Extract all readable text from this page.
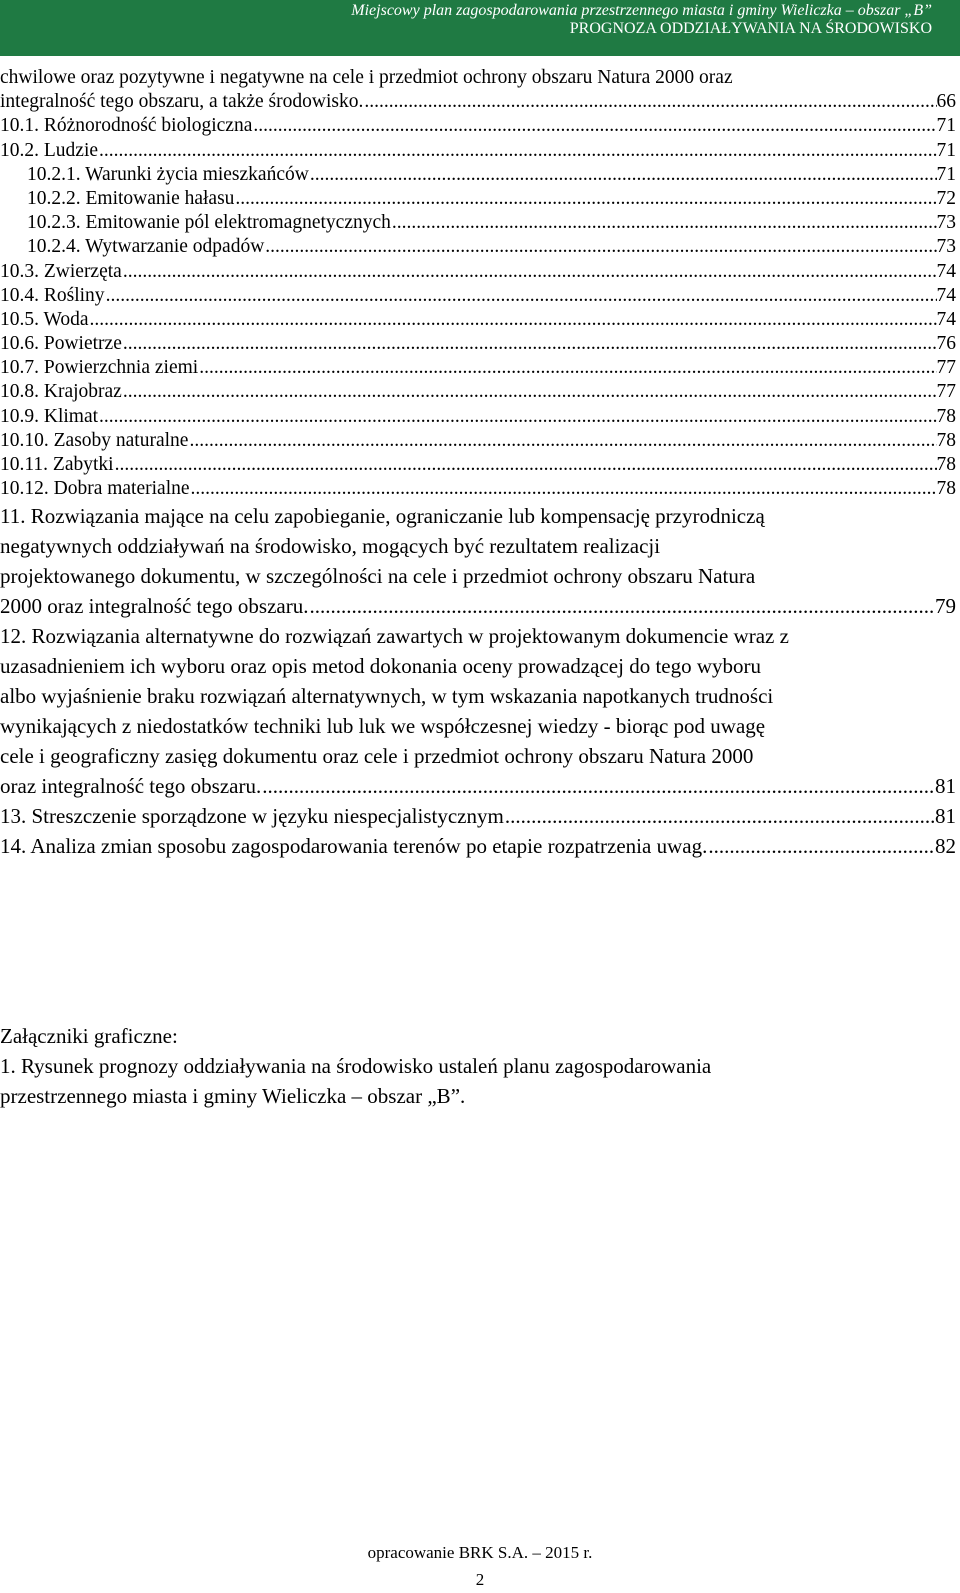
Miejscowy plan zagospodarowania przestrzennego miasta i gminy Wieliczka – obszar „B”
PROGNOZA ODDZIAŁYWANIA NA ŚRODOWISKO
chwilowe oraz pozytywne i negatywne na cele i przedmiot ochrony obszaru Natura 2000 oraz
integralność tego obszaru, a także środowisko. .....	66
10.1. Różnorodność biologiczna .....	71
10.2. Ludzie .....	71
10.2.1. Warunki życia mieszkańców .....	71
10.2.2. Emitowanie hałasu .....	72
10.2.3. Emitowanie pól elektromagnetycznych .....	73
10.2.4. Wytwarzanie odpadów .....	73
10.3. Zwierzęta .....	74
10.4. Rośliny .....	74
10.5. Woda .....	74
10.6. Powietrze .....	76
10.7. Powierzchnia ziemi .....	77
10.8. Krajobraz .....	77
10.9. Klimat .....	78
10.10. Zasoby naturalne .....	78
10.11. Zabytki .....	78
10.12. Dobra materialne .....	78
11. Rozwiązania mające na celu zapobieganie, ograniczanie lub kompensację przyrodniczą
negatywnych oddziaływań na środowisko, mogących być rezultatem realizacji
projektowanego dokumentu, w szczególności na cele i przedmiot ochrony obszaru Natura
2000 oraz integralność tego obszaru. .....	79
12. Rozwiązania alternatywne do rozwiązań zawartych w projektowanym dokumencie wraz z
uzasadnieniem ich wyboru oraz opis metod dokonania oceny prowadzącej do tego wyboru
albo wyjaśnienie braku rozwiązań alternatywnych, w tym wskazania napotkanych trudności
wynikających z niedostatków techniki lub luk we współczesnej wiedzy - biorąc pod uwagę
cele i geograficzny zasięg dokumentu oraz cele i przedmiot ochrony obszaru Natura 2000
oraz integralność tego obszaru. .....	81
13. Streszczenie sporządzone w języku niespecjalistycznym .....	81
14. Analiza zmian sposobu zagospodarowania terenów po etapie rozpatrzenia uwag. .....	82
Załączniki graficzne:
1. Rysunek prognozy oddziaływania na środowisko ustaleń planu zagospodarowania
przestrzennego miasta i gminy Wieliczka – obszar „B”.
opracowanie BRK S.A. – 2015 r.
2
